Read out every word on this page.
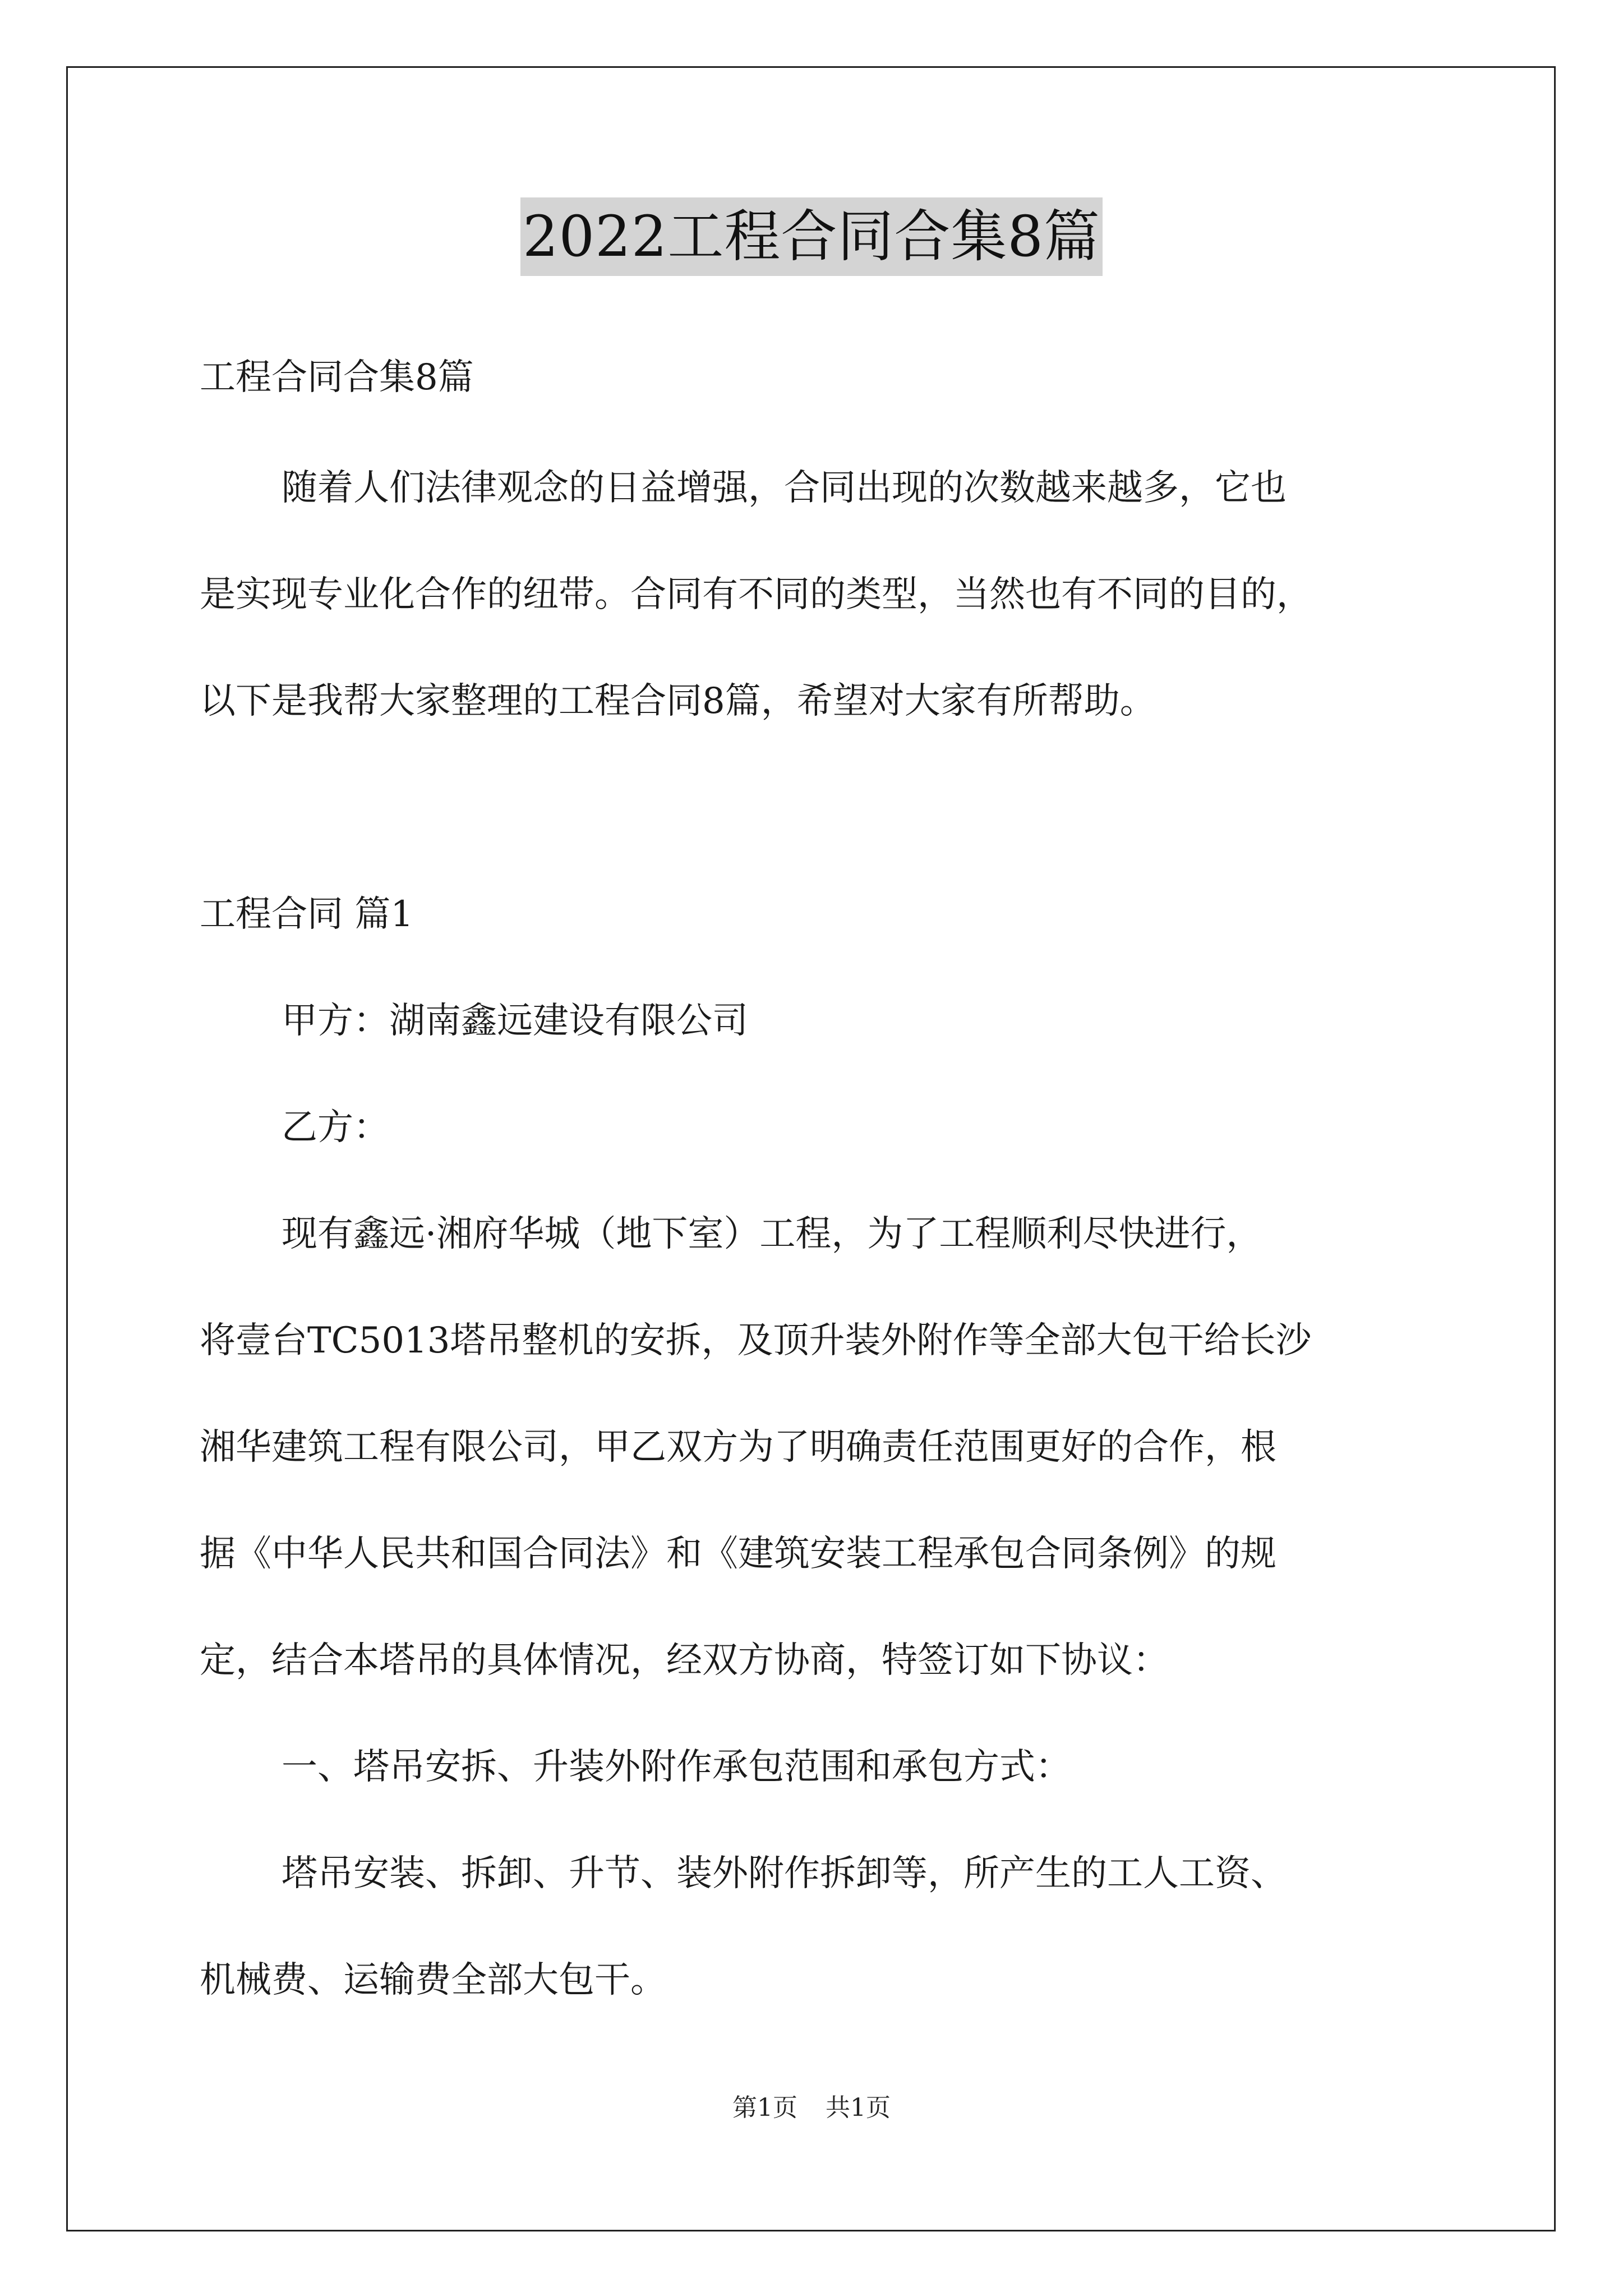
2022工程合同合集8篇

工程合同合集8篇

随着人们法律观念的日益增强，合同出现的次数越来越多，它也

是实现专业化合作的纽带。合同有不同的类型，当然也有不同的目的，

以下是我帮大家整理的工程合同8篇，希望对大家有所帮助。

工程合同 篇1

甲方：湖南鑫远建设有限公司

乙方：

现有鑫远·湘府华城（地下室）工程，为了工程顺利尽快进行，

将壹台TC5013塔吊整机的安拆，及顶升装外附作等全部大包干给长沙

湘华建筑工程有限公司，甲乙双方为了明确责任范围更好的合作，根

据《中华人民共和国合同法》和《建筑安装工程承包合同条例》的规

定，结合本塔吊的具体情况，经双方协商，特签订如下协议：

一、塔吊安拆、升装外附作承包范围和承包方式：

塔吊安装、拆卸、升节、装外附作拆卸等，所产生的工人工资、

机械费、运输费全部大包干。

第1页 共1页
